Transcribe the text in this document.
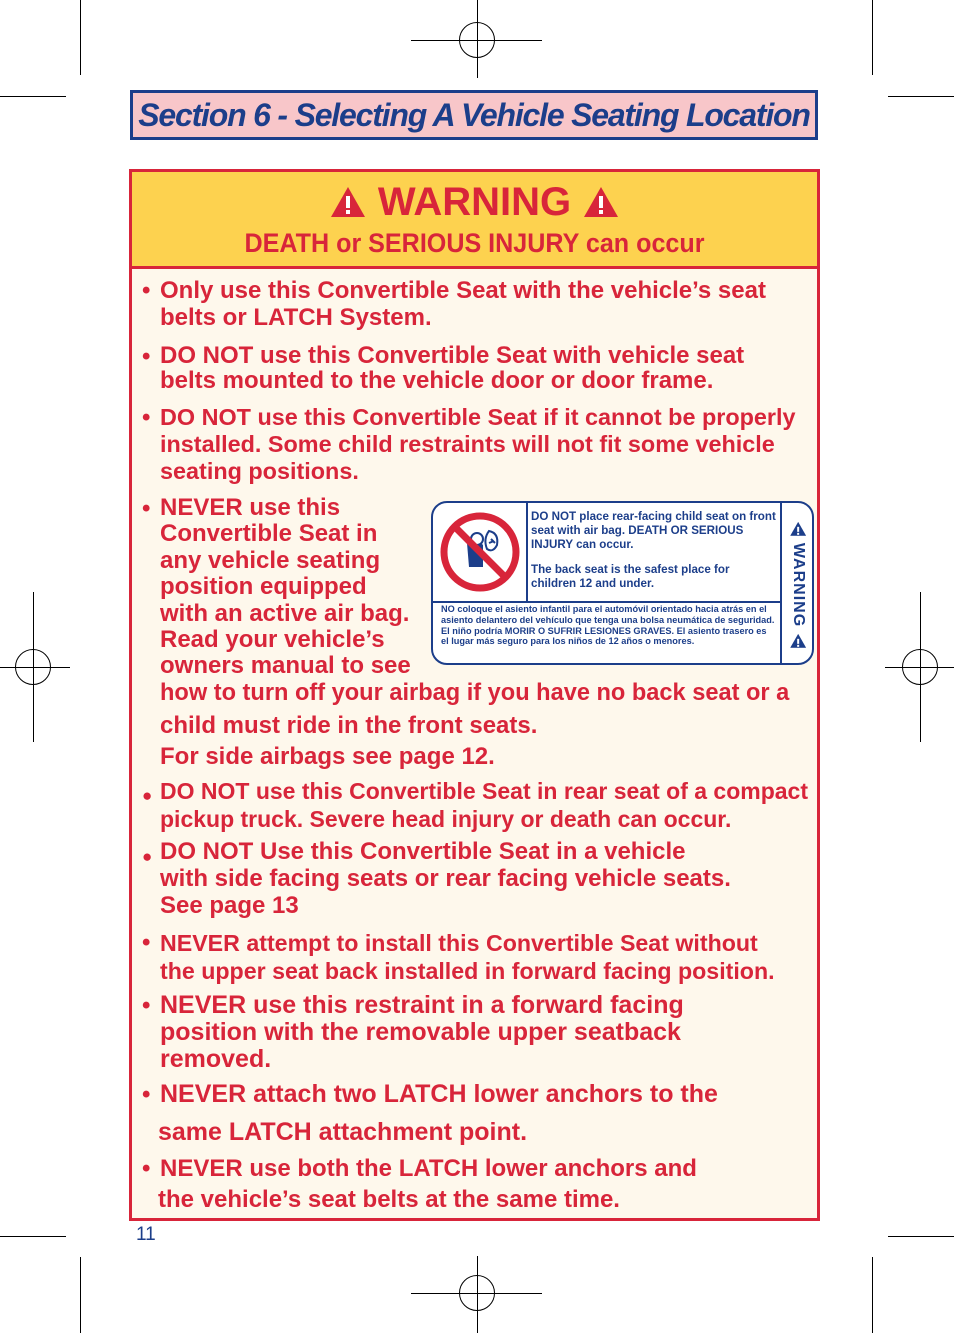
Section 6 - Selecting A Vehicle Seating Location
WARNING
DEATH or SERIOUS INJURY can occur
• Only use this Convertible Seat with the vehicle’s seat
belts or LATCH System.
• DO NOT use this Convertible Seat with vehicle seat
belts mounted to the vehicle door or door frame.
• DO NOT use this Convertible Seat if it cannot be properly
installed. Some child restraints will not fit some vehicle
seating positions.
• NEVER use this
Convertible Seat in
any vehicle seating
position equipped
with an active air bag.
Read your vehicle’s
owners manual to see
DO NOT place rear-facing child seat on front seat with air bag. DEATH OR SERIOUS INJURY can occur.
The back seat is the safest place for children 12 and under.
NO coloque el asiento infantil para el automóvil orientado hacia atrás en el asiento delantero del vehículo que tenga una bolsa neumática de seguridad. El niño podría MORIR O SUFRIR LESIONES GRAVES. El asiento trasero es el lugar más seguro para los niños de 12 años o menores.
WARNING
how to turn off your airbag if you have no back seat or a
child must ride in the front seats.
For side airbags see page 12.
● DO NOT use this Convertible Seat in rear seat of a compact
pickup truck. Severe head injury or death can occur.
● DO NOT Use this Convertible Seat in a vehicle
with side facing seats or rear facing vehicle seats.
See page 13
• NEVER attempt to install this Convertible Seat without
the upper seat back installed in forward facing position.
• NEVER use this restraint in a forward facing
position with the removable upper seatback
removed.
• NEVER attach two LATCH lower anchors to the
same LATCH attachment point.
• NEVER use both the LATCH lower anchors and
the vehicle’s seat belts at the same time.
11
